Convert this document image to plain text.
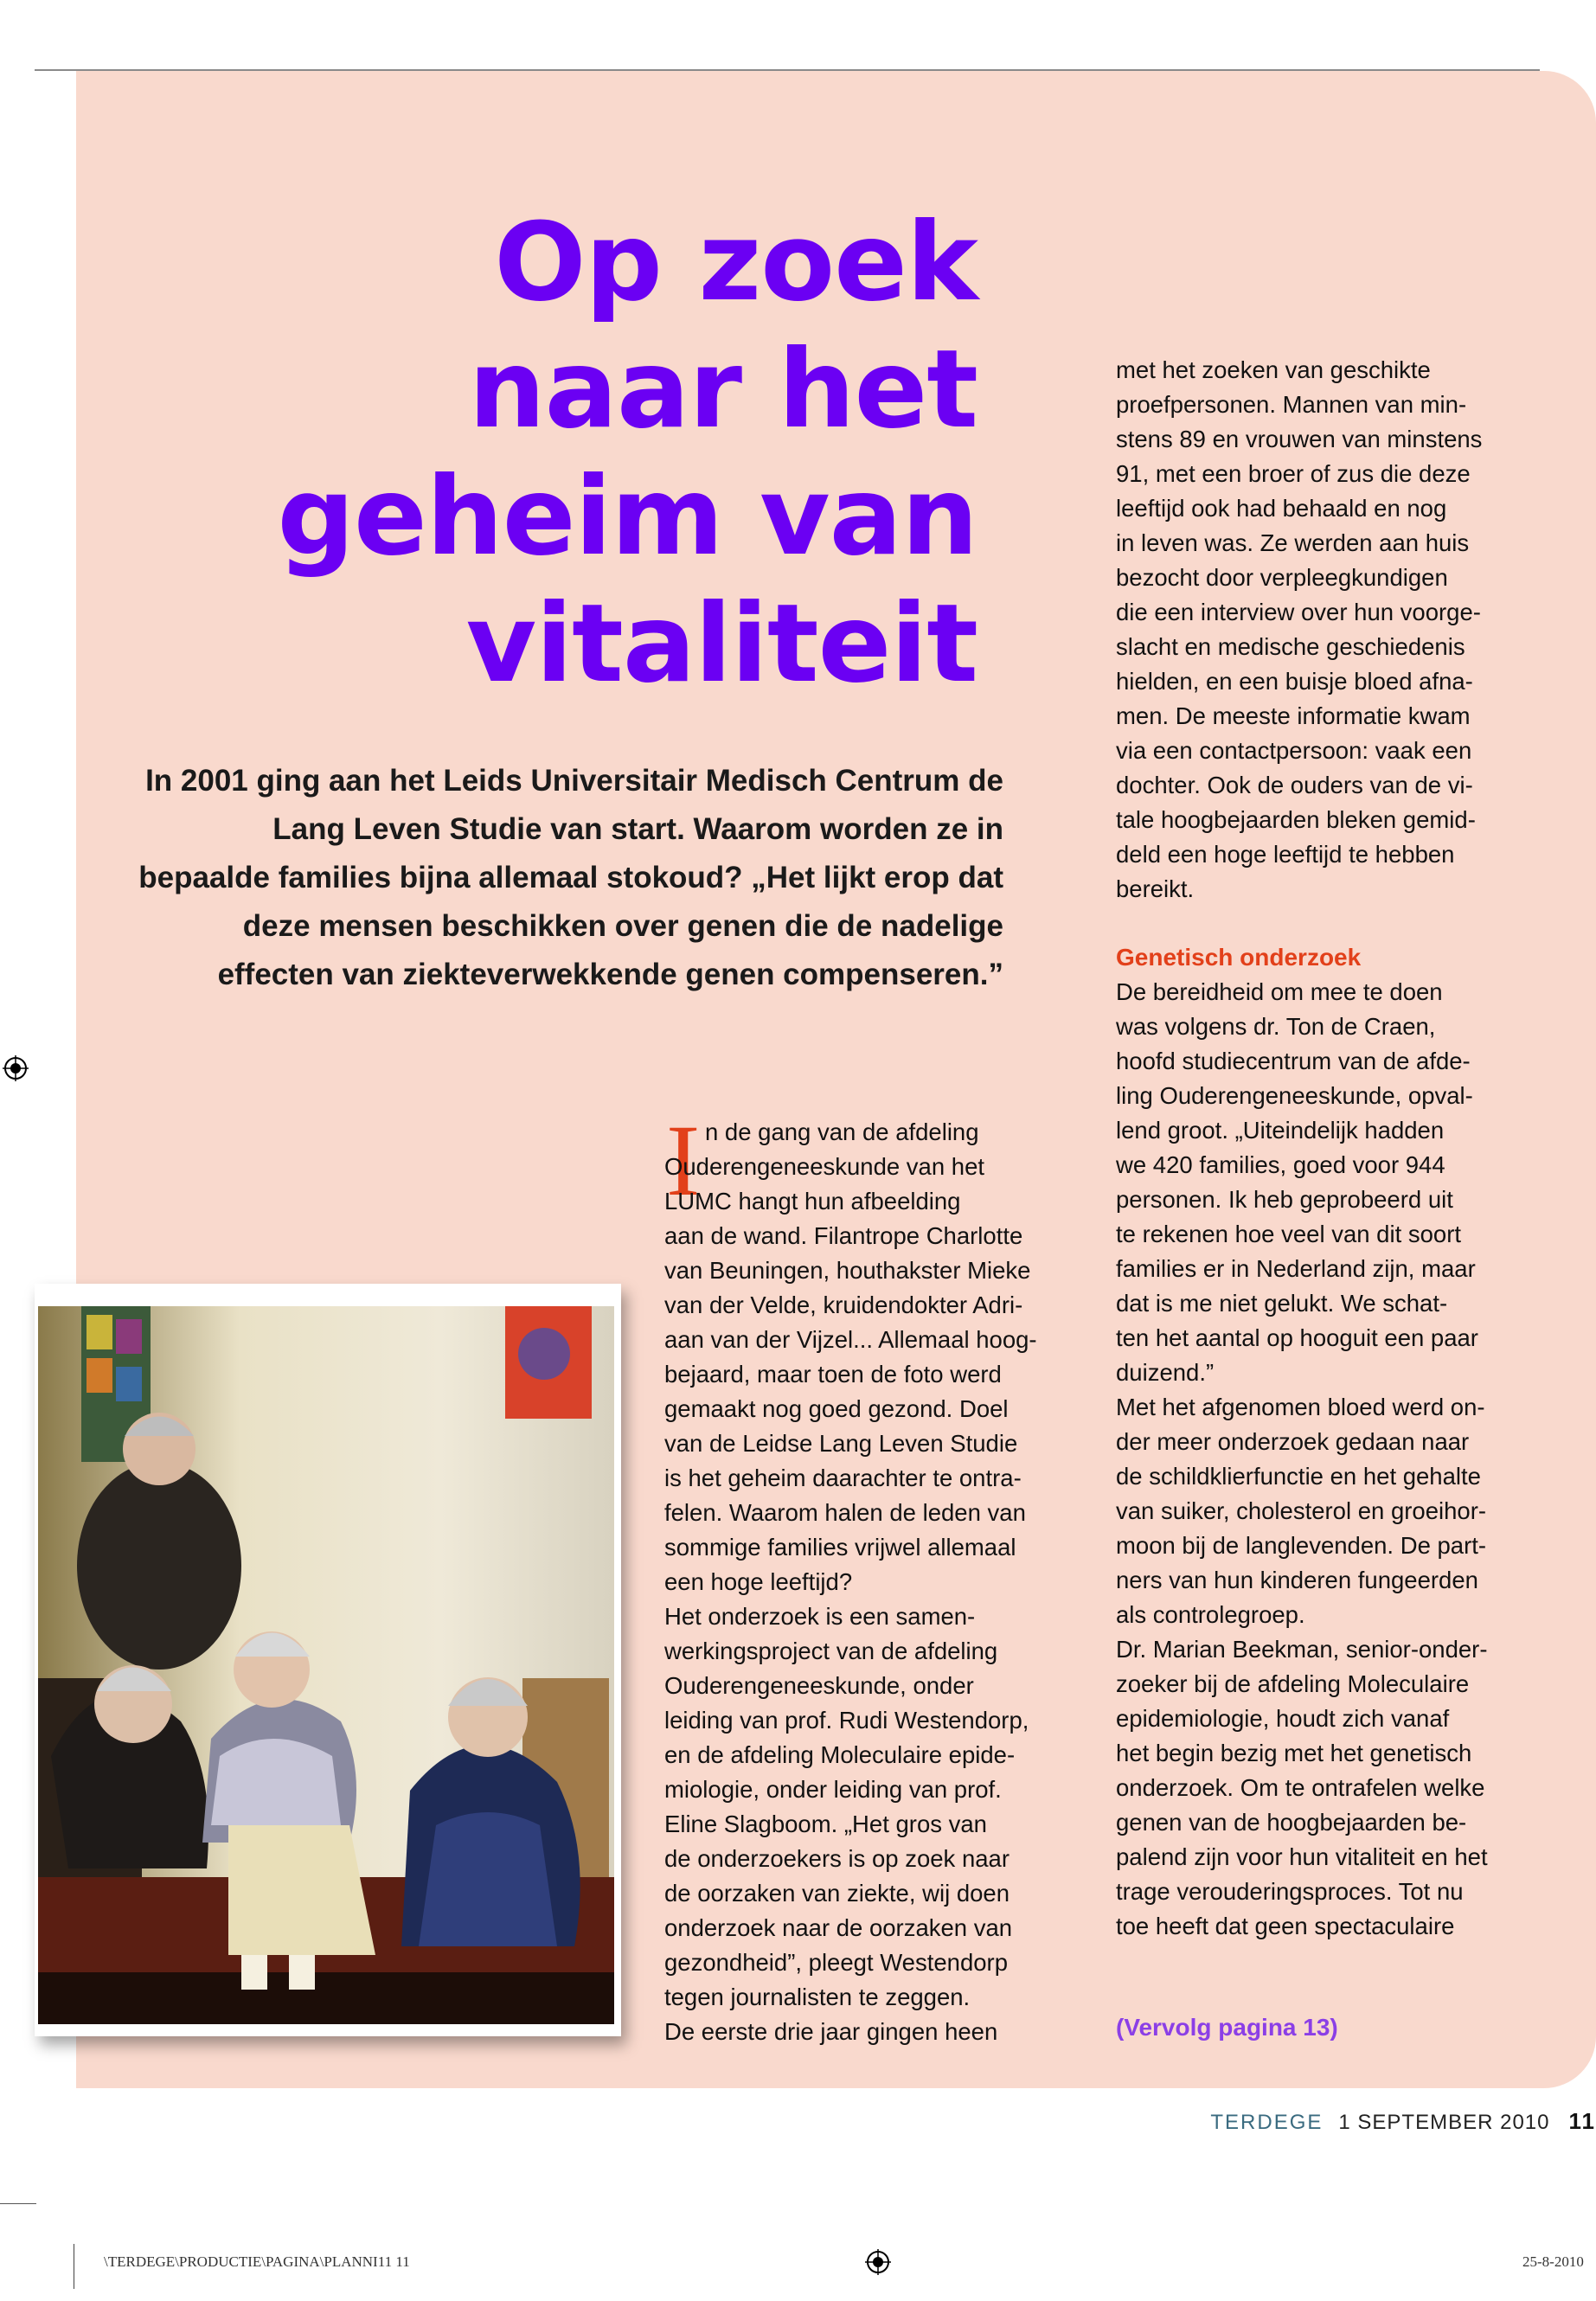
Op zoek
naar het
geheim van
vitaliteit

In 2001 ging aan het Leids Universitair Medisch Centrum de Lang Leven Studie van start. Waarom worden ze in bepaalde families bijna allemaal stokoud? „Het lijkt erop dat deze mensen beschikken over genen die de nadelige effecten van ziekteverwekkende genen compenseren.”

I n de gang van de afdeling
Ouderengeneeskunde van het
LUMC hangt hun afbeelding
aan de wand. Filantrope Charlotte
van Beuningen, houthakster Mieke
van der Velde, kruidendokter Adri-
aan van der Vijzel... Allemaal hoog-
bejaard, maar toen de foto werd
gemaakt nog goed gezond. Doel
van de Leidse Lang Leven Studie
is het geheim daarachter te ontra-
felen. Waarom halen de leden van
sommige families vrijwel allemaal
een hoge leeftijd?
Het onderzoek is een samen-
werkingsproject van de afdeling
Ouderengeneeskunde, onder
leiding van prof. Rudi Westendorp,
en de afdeling Moleculaire epide-
miologie, onder leiding van prof.
Eline Slagboom. „Het gros van
de onderzoekers is op zoek naar
de oorzaken van ziekte, wij doen
onderzoek naar de oorzaken van
gezondheid”, pleegt Westendorp
tegen journalisten te zeggen.
De eerste drie jaar gingen heen
met het zoeken van geschikte
proefpersonen. Mannen van min-
stens 89 en vrouwen van minstens
91, met een broer of zus die deze
leeftijd ook had behaald en nog
in leven was. Ze werden aan huis
bezocht door verpleegkundigen
die een interview over hun voorge-
slacht en medische geschiedenis
hielden, en een buisje bloed afna-
men. De meeste informatie kwam
via een contactpersoon: vaak een
dochter. Ook de ouders van de vi-
tale hoogbejaarden bleken gemid-
deld een hoge leeftijd te hebben
bereikt.
Genetisch onderzoek
De bereidheid om mee te doen
was volgens dr. Ton de Craen,
hoofd studiecentrum van de afde-
ling Ouderengeneeskunde, opval-
lend groot. „Uiteindelijk hadden
we 420 families, goed voor 944
personen. Ik heb geprobeerd uit
te rekenen hoe veel van dit soort
families er in Nederland zijn, maar
dat is me niet gelukt. We schat-
ten het aantal op hooguit een paar
duizend.”
Met het afgenomen bloed werd on-
der meer onderzoek gedaan naar
de schildklierfunctie en het gehalte
van suiker, cholesterol en groeihor-
moon bij de langlevenden. De part-
ners van hun kinderen fungeerden
als controlegroep.
Dr. Marian Beekman, senior-onder-
zoeker bij de afdeling Moleculaire
epidemiologie, houdt zich vanaf
het begin bezig met het genetisch
onderzoek. Om te ontrafelen welke
genen van de hoogbejaarden be-
palend zijn voor hun vitaliteit en het
trage verouderingsproces. Tot nu
toe heeft dat geen spectaculaire
(Vervolg pagina 13)
TERDEGE 1 SEPTEMBER 2010 11
\TERDEGE\PRODUCTIE\PAGINA\PLANNI11 11	25-8-2010
